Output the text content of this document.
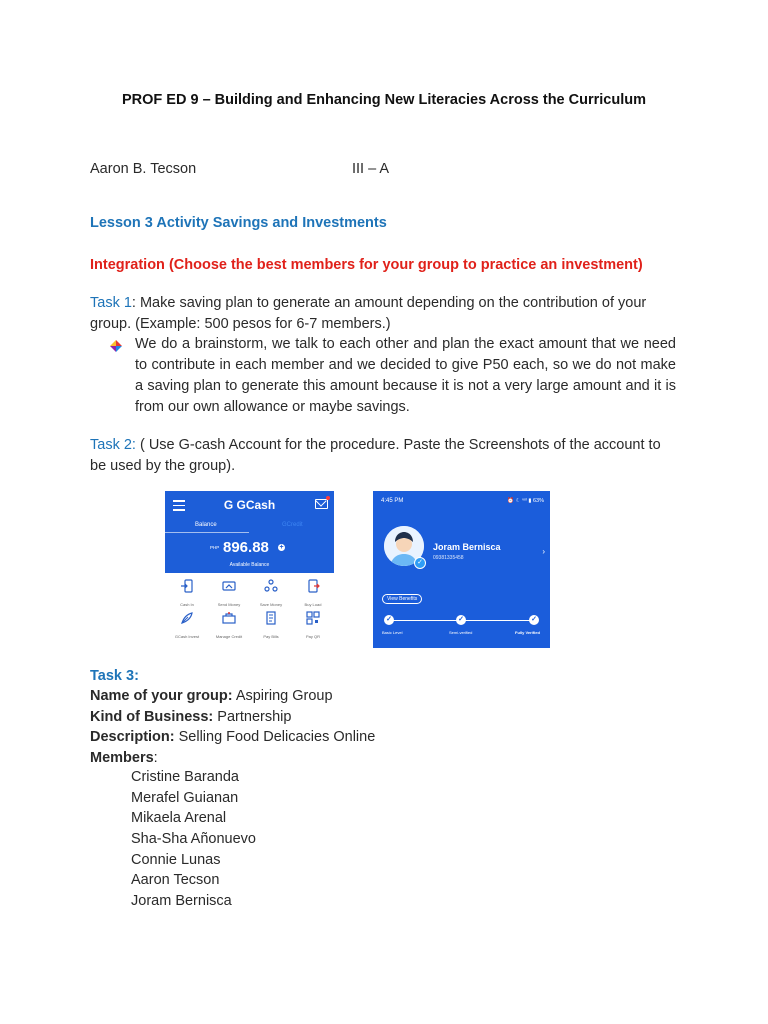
PROF ED 9 – Building and Enhancing New Literacies Across the Curriculum
Aaron B. Tecson	III – A
Lesson 3 Activity Savings and Investments
Integration (Choose the best members for your group to practice an investment)
Task 1: Make saving plan to generate an amount depending on the contribution of your group. (Example: 500 pesos for 6-7 members.)
We do a brainstorm, we talk to each other and plan the exact amount that we need to contribute in each member and we decided to give P50 each, so we do not make a saving plan to generate this amount because it is not a very large amount and it is from our own allowance or maybe savings.
Task 2: ( Use G-cash Account for the procedure. Paste the Screenshots of the account to be used by the group).
G GCash
Balance	GCredit
PHP 896.88 +
Available Balance
Cash In	Send Money	Save Money	Buy Load
GCash Invest	Manage Credit	Pay Bills	Pay QR
4:45 PM	⏰ ☾ ᵛᵒˡ ▮ 63%
✓
Joram Bernisca
09381335458
›
View Benefits
✓	✓	✓
Basic Level	Semi-verified	Fully Verified
Task 3:
Name of your group: Aspiring Group
Kind of Business: Partnership
Description: Selling Food Delicacies Online
Members:
Cristine Baranda
Merafel Guianan
Mikaela Arenal
Sha-Sha Añonuevo
Connie Lunas
Aaron Tecson
Joram Bernisca
